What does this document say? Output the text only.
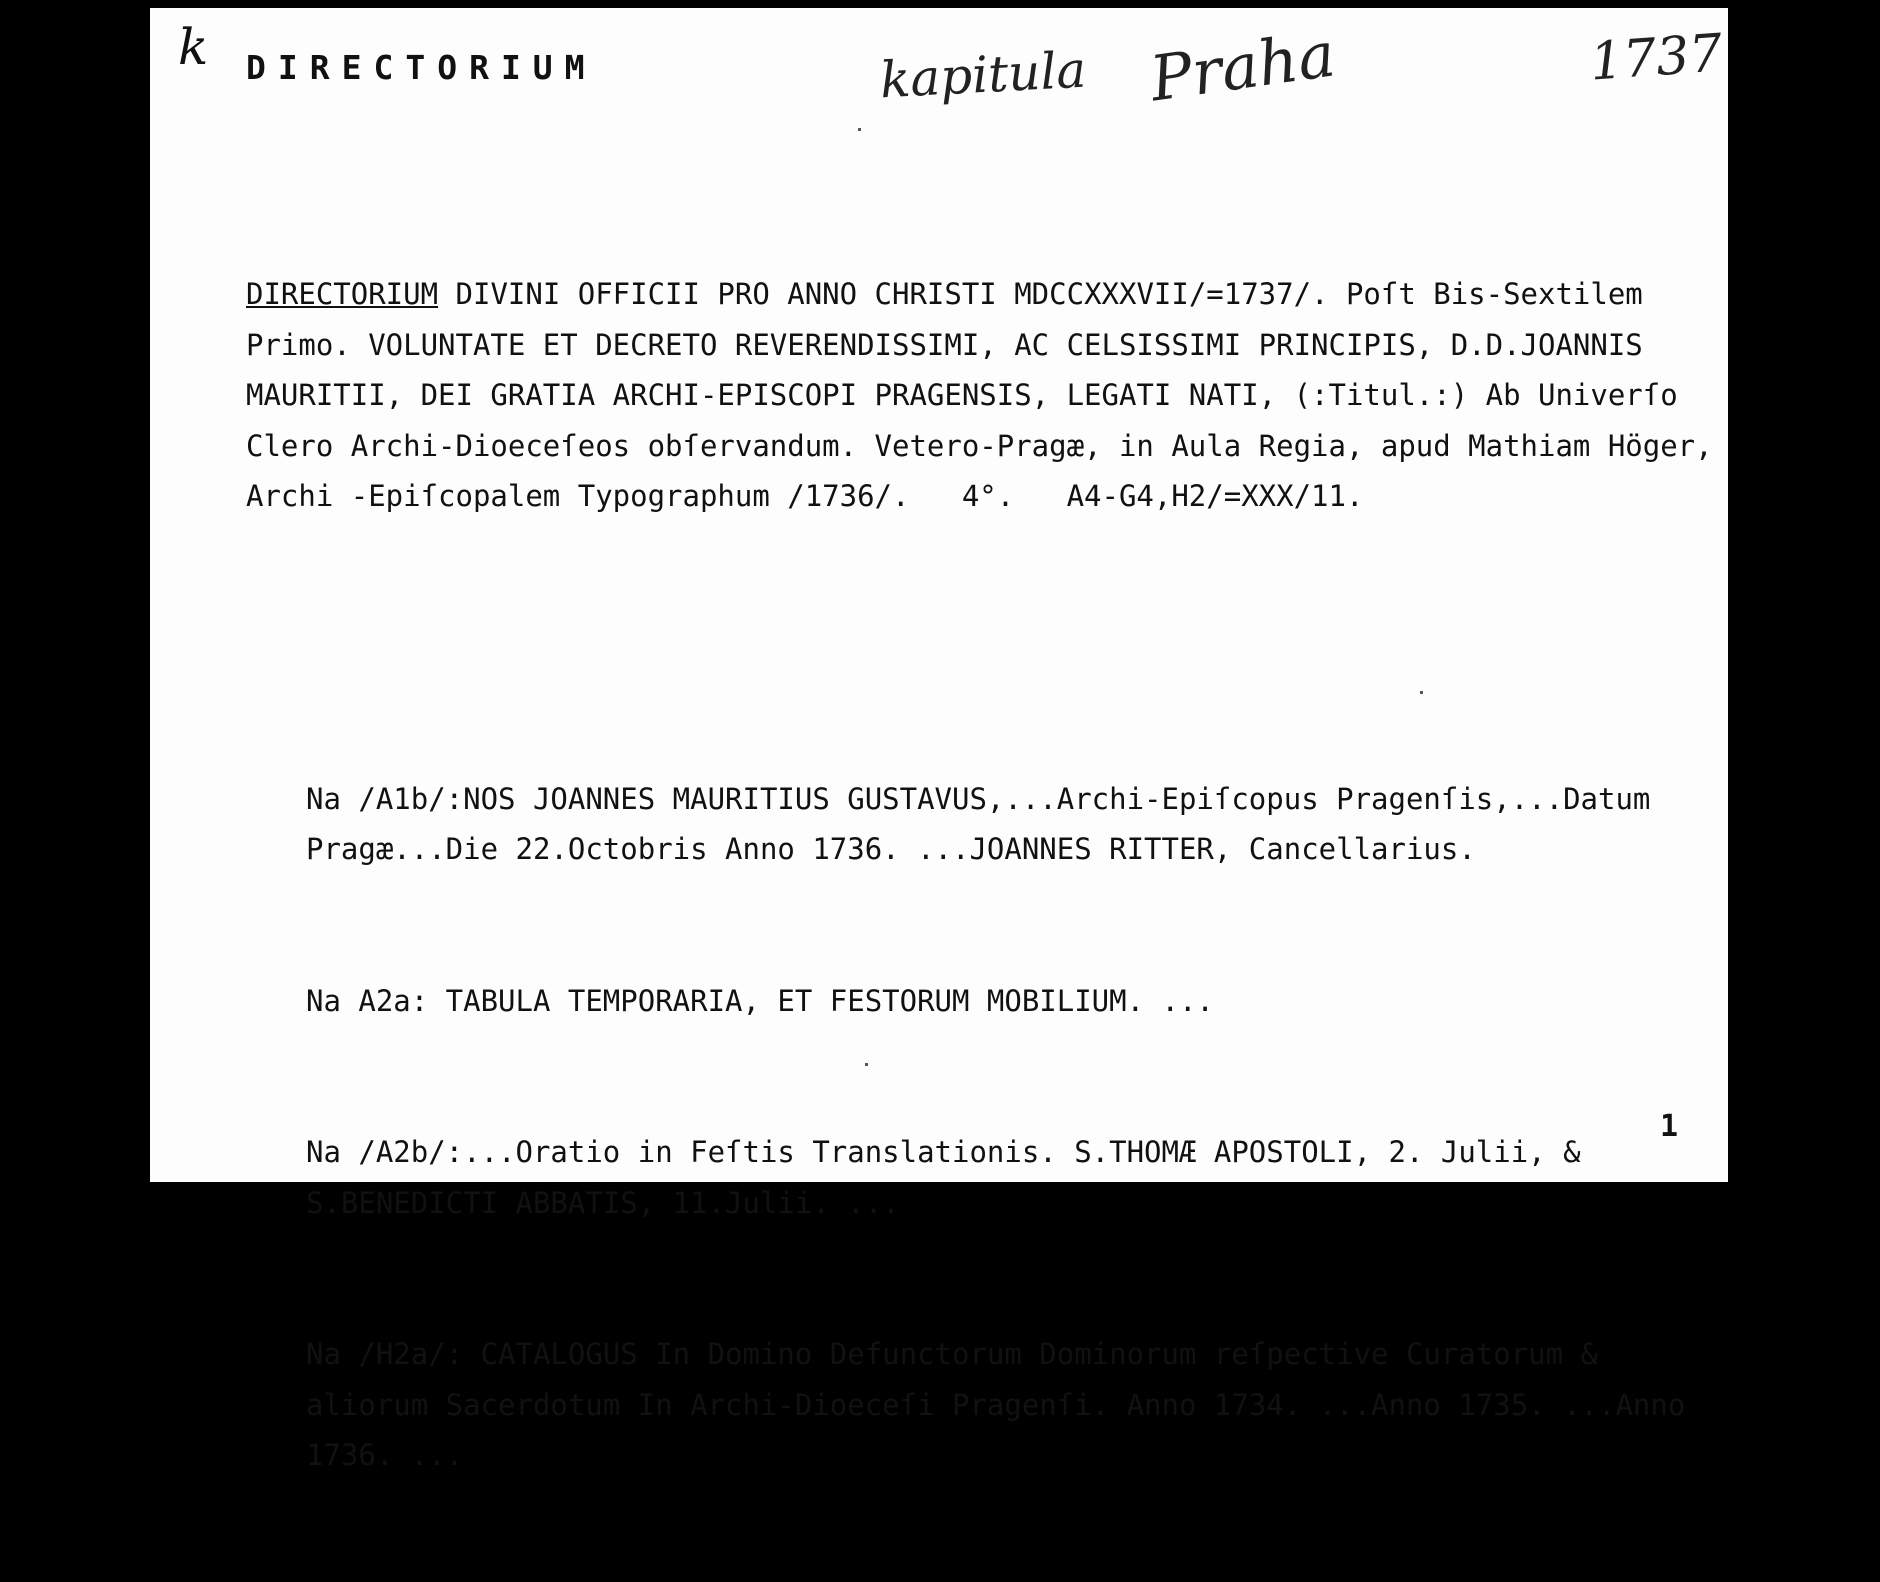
k DIRECTORIUM	kapitula Praha	1737

DIRECTORIUM DIVINI OFFICII PRO ANNO CHRISTI MDCCXXXVII/=1737/. Poſt Bis-Sextilem Primo. VOLUNTATE ET DECRETO REVERENDISSIMI, AC CELSISSIMI PRINCIPIS, D.D.JOANNIS MAURITII, DEI GRATIA ARCHI-EPISCOPI PRAGENSIS, LEGATI NATI, (:Titul.:) Ab Univerſo Clero Archi-Dioeceſeos obſervandum. Vetero-Pragæ, in Aula Regia, apud Mathiam Höger, Archi -Epiſcopalem Typographum /1736/.   4°.   A4-G4,H2/=XXX/11.

Na /A1b/:NOS JOANNES MAURITIUS GUSTAVUS,...Archi-Epiſcopus Pragenſis,...Datum Pragæ...Die 22.Octobris Anno 1736. ...JOANNES RITTER, Cancellarius.

Na A2a: TABULA TEMPORARIA, ET FESTORUM MOBILIUM. ...

Na /A2b/:...Oratio in Feſtis Translationis. S.THOMÆ APOSTOLI, 2. Julii, & S.BENEDICTI ABBATIS, 11.Julii. ...

Na /H2a/: CATALOGUS In Domino Defunctorum Dominorum reſpective Curatorum & aliorum Sacerdotum In Archi-Dioeceſi Pragenſi. Anno 1734. ...Anno 1735. ...Anno 1736. ...

1
